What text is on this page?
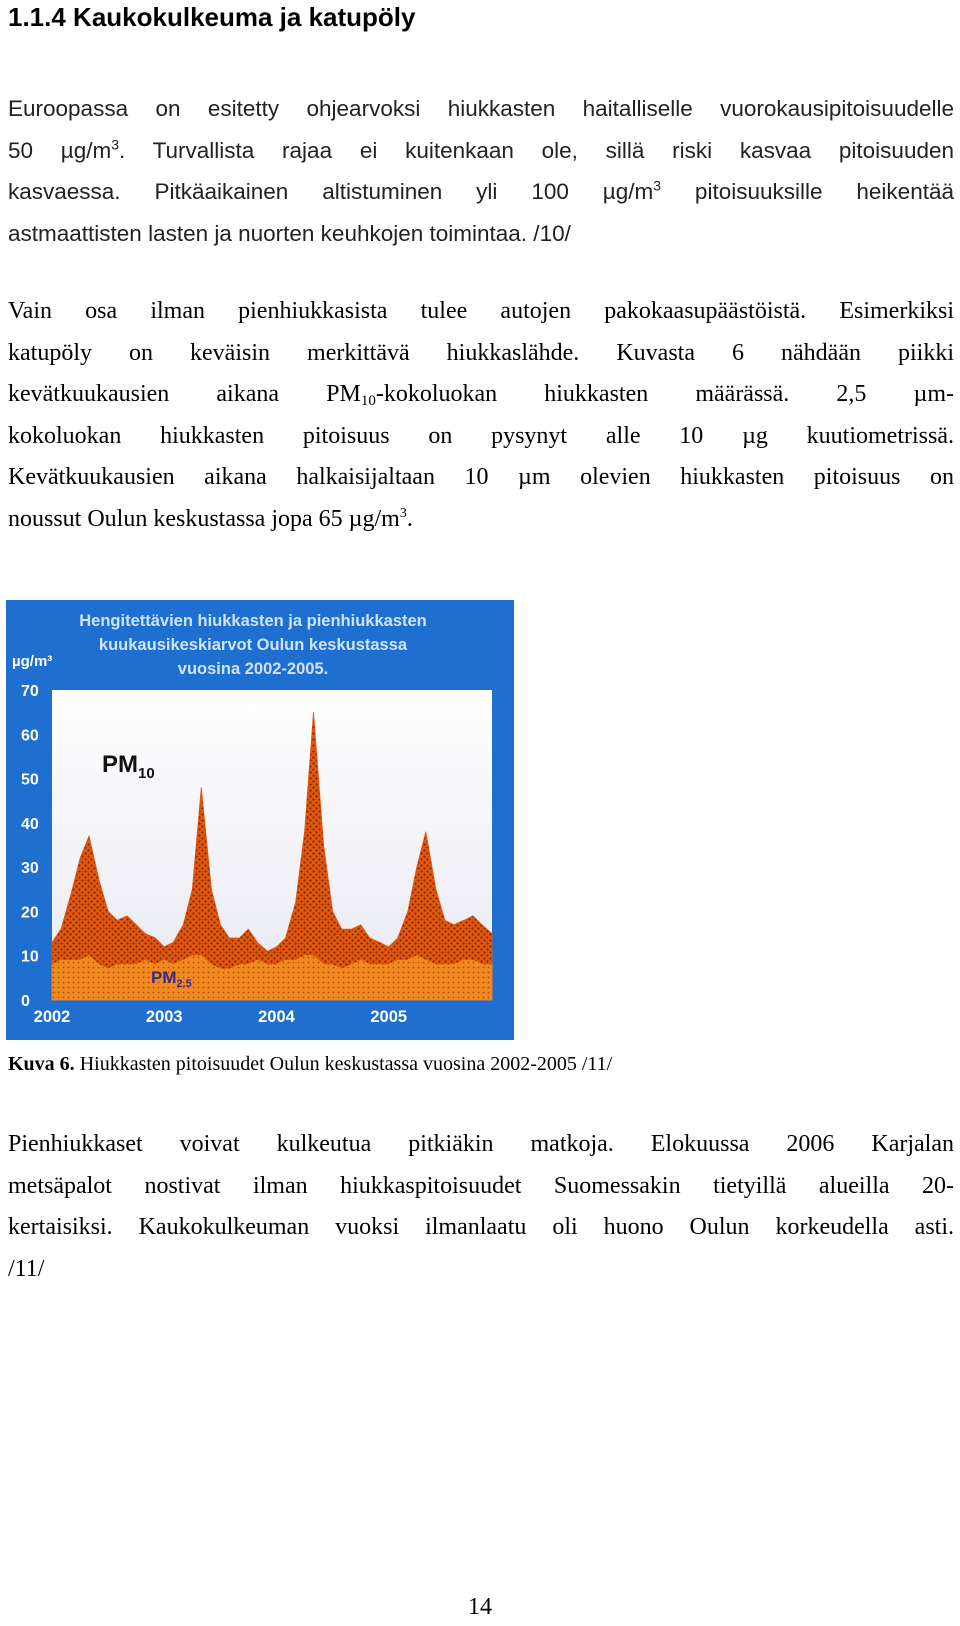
1.1.4 Kaukokulkeuma ja katupöly
Euroopassa on esitetty ohjearvoksi hiukkasten haitalliselle vuorokausipitoisuudelle
50 $\mu g/m^3$. Turvallista rajaa ei kuitenkaan ole, sillä riski kasvaa pitoisuuden
kasvaessa. Pitkäaikainen altistuminen yli 100 $\mu g/m^3$ pitoisuuksille heikentää
astmaattisten lasten ja nuorten keuhkojen toimintaa. /10/
Vain osa ilman pienhiukkasista tulee autojen pakokaasupäästöistä. Esimerkiksi
katupöly on keväisin merkittävä hiukkaslähde. Kuvasta 6 nähdään piikki
kevätkuukausien aikana $PM_{10}$-kokoluokan hiukkasten määrässä. 2,5 µm-
kokoluokan hiukkasten pitoisuus on pysynyt alle 10 µg kuutiometrissä.
Kevätkuukausien aikana halkaisijaltaan 10 µm olevien hiukkasten pitoisuus on
noussut Oulun keskustassa jopa 65 $\mu g/m^3$.
Hengitettävien hiukkasten ja pienhiukkasten
kuukausikeskiarvot Oulun keskustassa
vuosina 2002-2005.
µg/m³
0
10
20
30
40
50
60
70
2002	2003	2004	2005
$PM_{10}$
$PM_{2.5}$

Kuva 6. Hiukkasten pitoisuudet Oulun keskustassa vuosina 2002-2005 /11/

Pienhiukkaset voivat kulkeutua pitkiäkin matkoja. Elokuussa 2006 Karjalan
metsäpalot nostivat ilman hiukkaspitoisuudet Suomessakin tietyillä alueilla 20-
kertaisiksi. Kaukokulkeuman vuoksi ilmanlaatu oli huono Oulun korkeudella asti.
/11/
14
